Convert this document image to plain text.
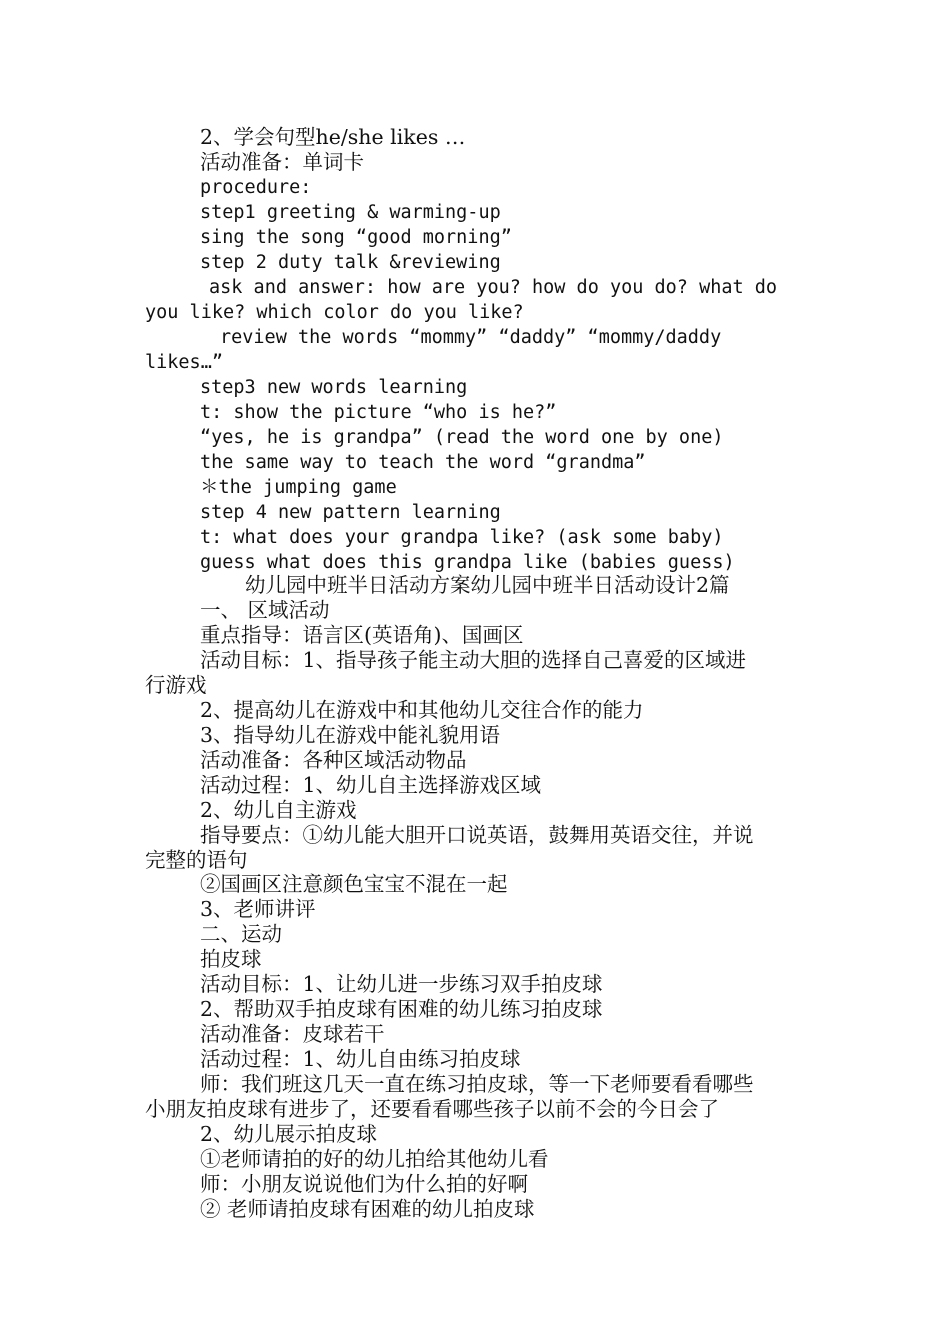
2、学会句型he/she likes …
活动准备：单词卡
procedure:
step1 greeting & warming-up
sing the song “good morning”
step 2 duty talk &reviewing
ask and answer: how are you? how do you do? what do
you like? which color do you like?
review the words “mommy” “daddy” “mommy/daddy
likes…”
step3 new words learning
t: show the picture “who is he?”
“yes, he is grandpa” (read the word one by one)
the same way to teach the word “grandma”
＊the jumping game
step 4 new pattern learning
t: what does your grandpa like? (ask some baby)
guess what does this grandpa like (babies guess)
幼儿园中班半日活动方案幼儿园中班半日活动设计2篇
一、 区域活动
重点指导：语言区(英语角)、国画区
活动目标：1、指导孩子能主动大胆的选择自己喜爱的区域进
行游戏
2、提高幼儿在游戏中和其他幼儿交往合作的能力
3、指导幼儿在游戏中能礼貌用语
活动准备：各种区域活动物品
活动过程：1、幼儿自主选择游戏区域
2、幼儿自主游戏
指导要点：①幼儿能大胆开口说英语，鼓舞用英语交往，并说
完整的语句
②国画区注意颜色宝宝不混在一起
3、老师讲评
二、运动
拍皮球
活动目标：1、让幼儿进一步练习双手拍皮球
2、帮助双手拍皮球有困难的幼儿练习拍皮球
活动准备：皮球若干
活动过程：1、幼儿自由练习拍皮球
师：我们班这几天一直在练习拍皮球，等一下老师要看看哪些
小朋友拍皮球有进步了，还要看看哪些孩子以前不会的今日会了
2、幼儿展示拍皮球
①老师请拍的好的幼儿拍给其他幼儿看
师：小朋友说说他们为什么拍的好啊
② 老师请拍皮球有困难的幼儿拍皮球
